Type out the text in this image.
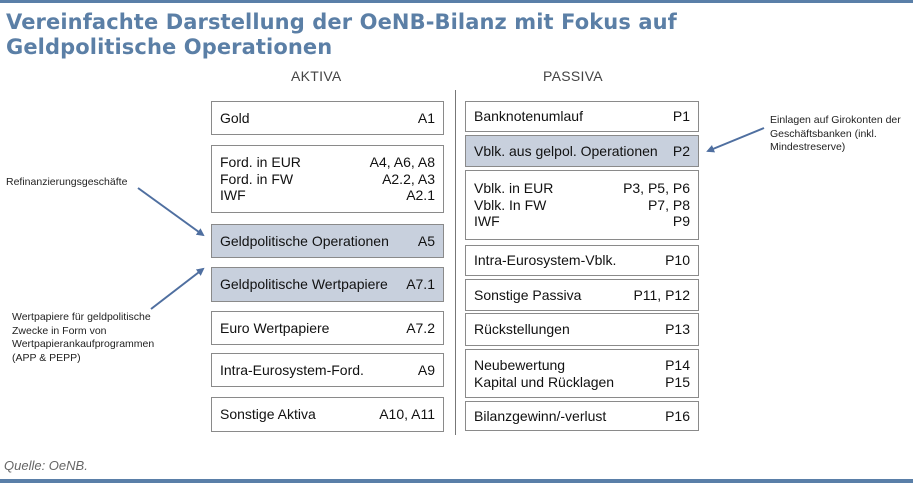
Vereinfachte Darstellung der OeNB-Bilanz mit Fokus auf
Geldpolitische Operationen
AKTIVA	PASSIVA
Gold	A1
Ford. in EUR	A4, A6, A8
Ford. in FW	A2.2, A3
IWF	A2.1
Geldpolitische Operationen A5
Geldpolitische Wertpapiere A7.1
Euro Wertpapiere	A7.2
Intra-Eurosystem-Ford.	A9
Sonstige Aktiva	A10, A11
Banknotenumlauf	P1
Vblk. aus gelpol. Operationen P2
Vblk. in EUR	P3, P5, P6
Vblk. In FW	P7, P8
IWF	P9
Intra-Eurosystem-Vblk.	P10
Sonstige Passiva	P11, P12
Rückstellungen	P13
Neubewertung	P14
Kapital und Rücklagen	P15
Bilanzgewinn/-verlust	P16
Refinanzierungsgeschäfte
Wertpapiere für geldpolitische
Zwecke in Form von
Wertpapierankaufprogrammen
(APP & PEPP)
Einlagen auf Girokonten der
Geschäftsbanken (inkl.
Mindestreserve)
Quelle: OeNB.
